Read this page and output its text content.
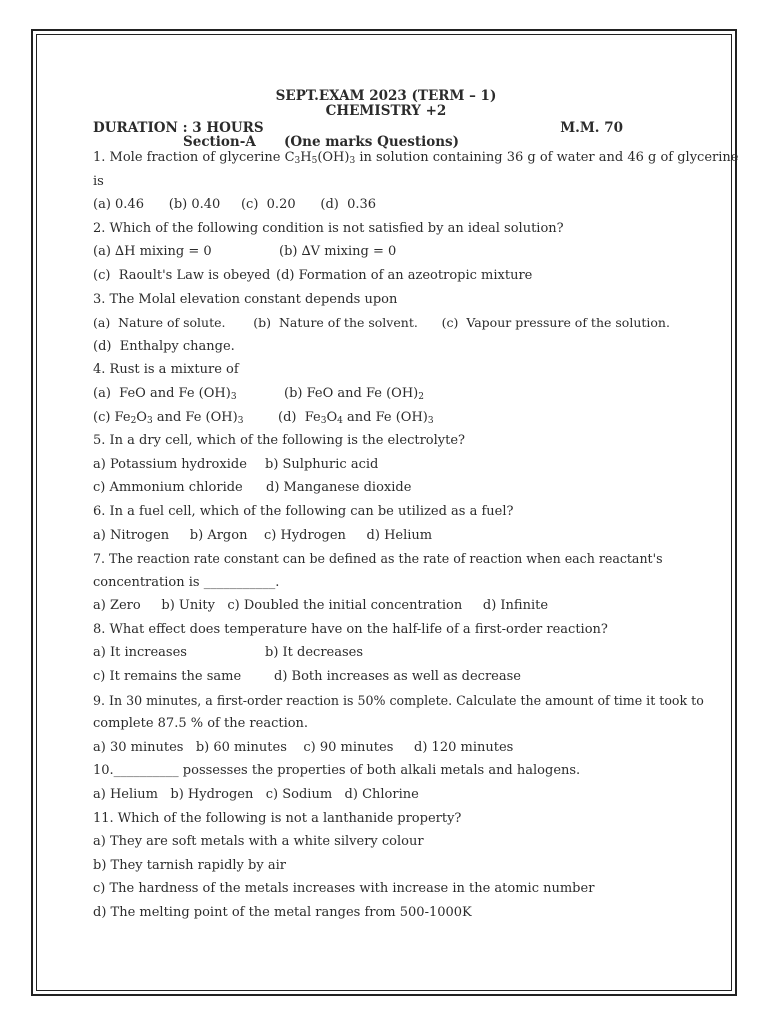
SEPT.EXAM 2023 (TERM – 1)
CHEMISTRY +2
DURATION : 3 HOURS	M.M. 70
Section-A      (One marks Questions)
1. Mole fraction of glycerine $C_3H_5(OH)_3$ in solution containing 36 g of water and 46 g of glycerine
is
(a) 0.46      (b) 0.40     (c)  0.20      (d)  0.36
2. Which of the following condition is not satisfied by an ideal solution?
(a) ∆H mixing = 0	(b) ∆V mixing = 0
(c)  Raoult's Law is obeyed (d) Formation of an azeotropic mixture
3. The Molal elevation constant depends upon
(a)  Nature of solute.       (b)  Nature of the solvent.      (c)  Vapour pressure of the solution.
(d)  Enthalpy change.
4. Rust is a mixture of
(a)  FeO and Fe $(OH)_3$	(b) FeO and Fe $(OH)_2$
(c) $Fe_2O_3$ and Fe $(OH)_3$	(d)  $Fe_3O_4$ and Fe $(OH)_3$
5. In a dry cell, which of the following is the electrolyte?
a) Potassium hydroxide b) Sulphuric acid
c) Ammonium chloride d) Manganese dioxide
6. In a fuel cell, which of the following can be utilized as a fuel?
a) Nitrogen     b) Argon    c) Hydrogen     d) Helium
7. The reaction rate constant can be defined as the rate of reaction when each reactant's
concentration is ___________.
a) Zero     b) Unity   c) Doubled the initial concentration     d) Infinite
8. What effect does temperature have on the half-life of a first-order reaction?
a) It increases	b) It decreases
c) It remains the same	d) Both increases as well as decrease
9. In 30 minutes, a first-order reaction is 50% complete. Calculate the amount of time it took to
complete 87.5 % of the reaction.
a) 30 minutes   b) 60 minutes    c) 90 minutes     d) 120 minutes
10.__________ possesses the properties of both alkali metals and halogens.
a) Helium   b) Hydrogen   c) Sodium   d) Chlorine
11. Which of the following is not a lanthanide property?
a) They are soft metals with a white silvery colour
b) They tarnish rapidly by air
c) The hardness of the metals increases with increase in the atomic number
d) The melting point of the metal ranges from 500-1000K
